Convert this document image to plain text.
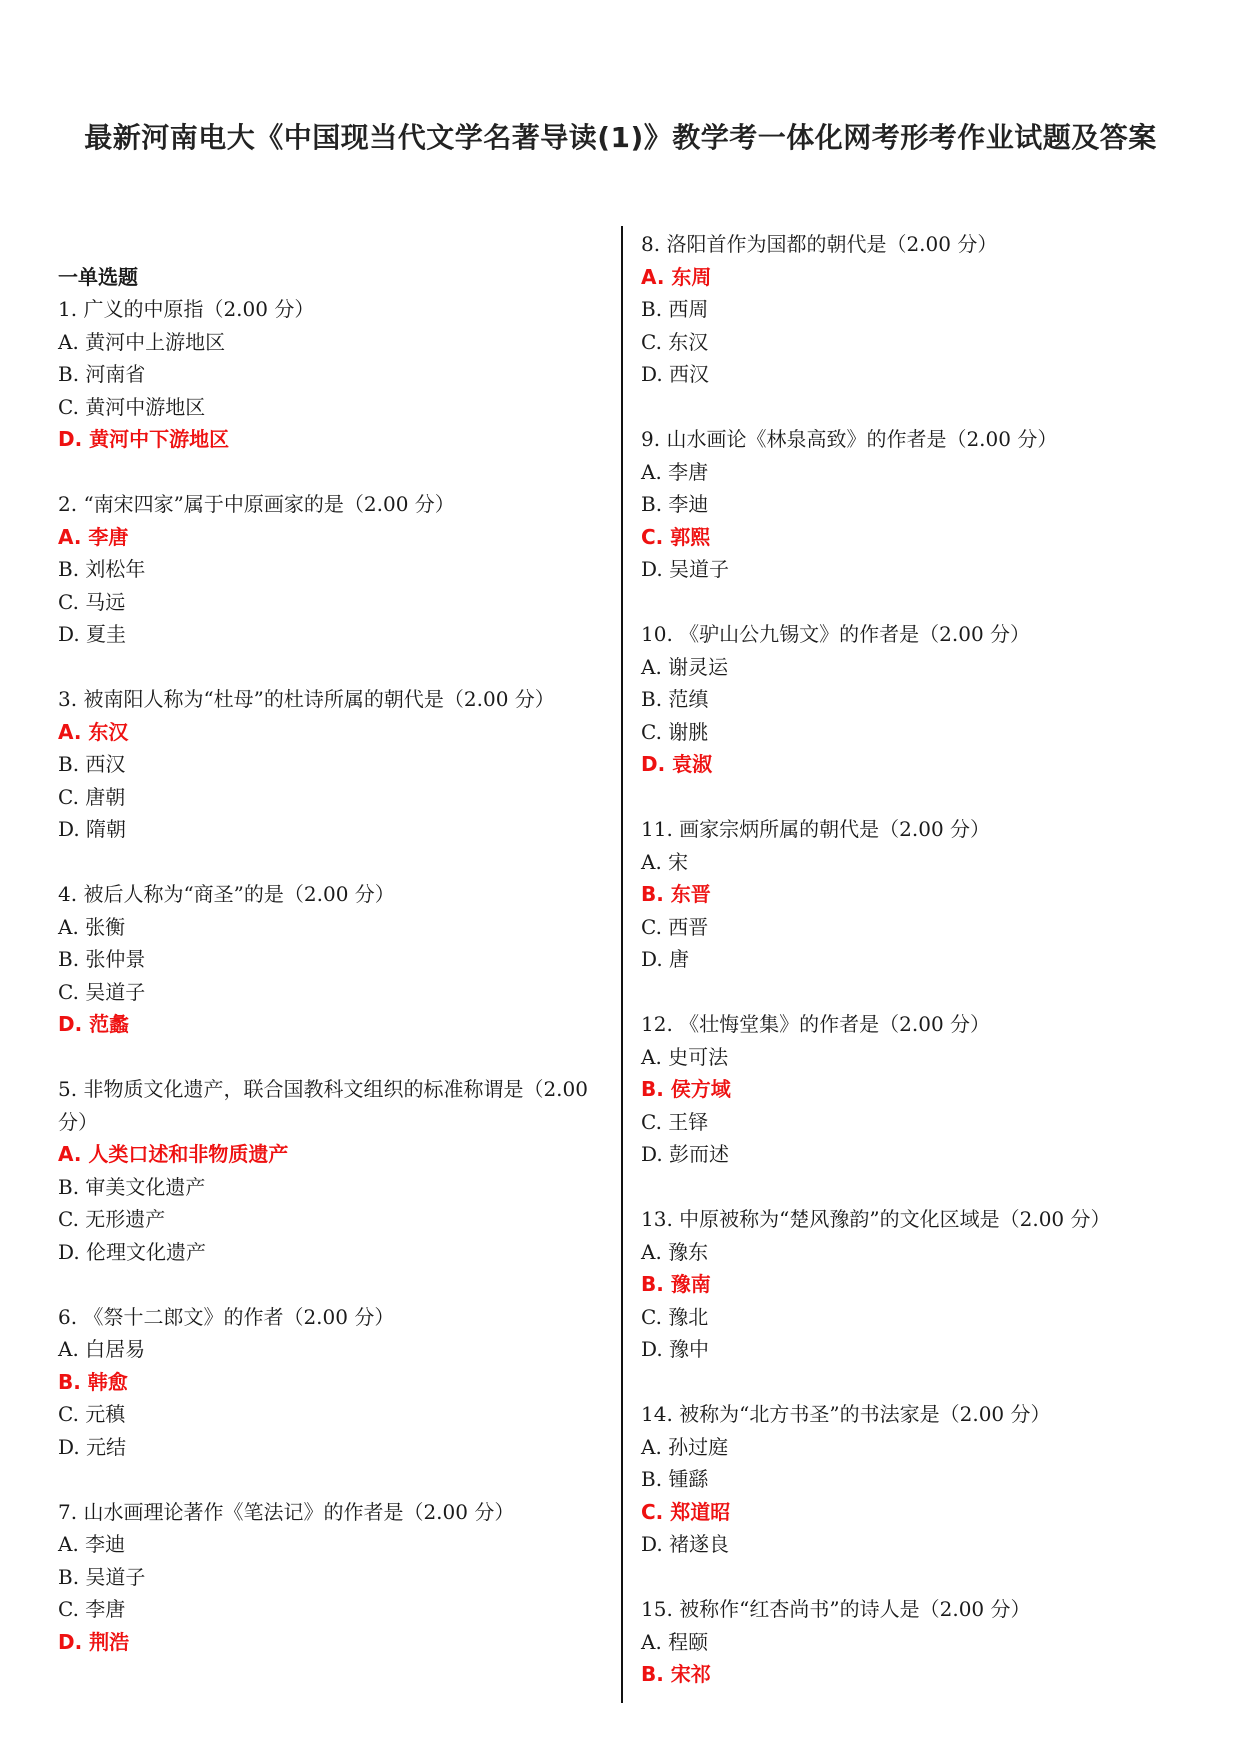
最新河南电大《中国现当代文学名著导读(1)》教学考一体化网考形考作业试题及答案
一单选题
1. 广义的中原指（2.00 分）
A. 黄河中上游地区
B. 河南省
C. 黄河中游地区
D. 黄河中下游地区
2. “南宋四家”属于中原画家的是（2.00 分）
A. 李唐
B. 刘松年
C. 马远
D. 夏圭
3. 被南阳人称为“杜母”的杜诗所属的朝代是（2.00 分）
A. 东汉
B. 西汉
C. 唐朝
D. 隋朝
4. 被后人称为“商圣”的是（2.00 分）
A. 张衡
B. 张仲景
C. 吴道子
D. 范蠡
5. 非物质文化遗产，联合国教科文组织的标准称谓是（2.00 分）
A. 人类口述和非物质遗产
B. 审美文化遗产
C. 无形遗产
D. 伦理文化遗产
6. 《祭十二郎文》的作者（2.00 分）
A. 白居易
B. 韩愈
C. 元稹
D. 元结
7. 山水画理论著作《笔法记》的作者是（2.00 分）
A. 李迪
B. 吴道子
C. 李唐
D. 荆浩
8. 洛阳首作为国都的朝代是（2.00 分）
A. 东周
B. 西周
C. 东汉
D. 西汉
9. 山水画论《林泉高致》的作者是（2.00 分）
A. 李唐
B. 李迪
C. 郭熙
D. 吴道子
10. 《驴山公九锡文》的作者是（2.00 分）
A. 谢灵运
B. 范缜
C. 谢朓
D. 袁淑
11. 画家宗炳所属的朝代是（2.00 分）
A. 宋
B. 东晋
C. 西晋
D. 唐
12. 《壮悔堂集》的作者是（2.00 分）
A. 史可法
B. 侯方域
C. 王铎
D. 彭而述
13. 中原被称为“楚风豫韵”的文化区域是（2.00 分）
A. 豫东
B. 豫南
C. 豫北
D. 豫中
14. 被称为“北方书圣”的书法家是（2.00 分）
A. 孙过庭
B. 锺繇
C. 郑道昭
D. 褚遂良
15. 被称作“红杏尚书”的诗人是（2.00 分）
A. 程颐
B. 宋祁
